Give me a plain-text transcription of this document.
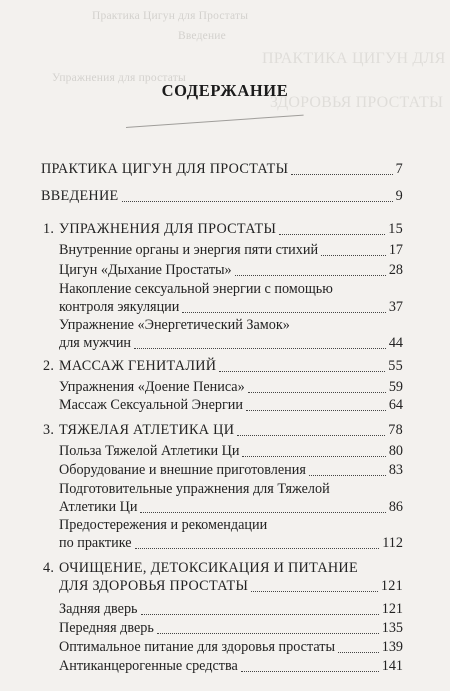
Практика Цигун для Простаты
Введение
ПРАКТИКА ЦИГУН ДЛЯ
Упражнения для простаты
ЗДОРОВЬЯ ПРОСТАТЫ
СОДЕРЖАНИЕ
ПРАКТИКА ЦИГУН ДЛЯ ПРОСТАТЫ	7
ВВЕДЕНИЕ	9
1. УПРАЖНЕНИЯ ДЛЯ ПРОСТАТЫ	15
Внутренние органы и энергия пяти стихий	17
Цигун «Дыхание Простаты»	28
Накопление сексуальной энергии с помощью
контроля эякуляции	37
Упражнение «Энергетический Замок»
для мужчин	44
2. МАССАЖ ГЕНИТАЛИЙ	55
Упражнения «Доение Пениса»	59
Массаж Сексуальной Энергии	64
3. ТЯЖЕЛАЯ АТЛЕТИКА ЦИ	78
Польза Тяжелой Атлетики Ци	80
Оборудование и внешние приготовления	83
Подготовительные упражнения для Тяжелой
Атлетики Ци	86
Предостережения и рекомендации
по практике	112
4. ОЧИЩЕНИЕ, ДЕТОКСИКАЦИЯ И ПИТАНИЕ
ДЛЯ ЗДОРОВЬЯ ПРОСТАТЫ	121
Задняя дверь	121
Передняя дверь	135
Оптимальное питание для здоровья простаты	139
Антиканцерогенные средства	141
